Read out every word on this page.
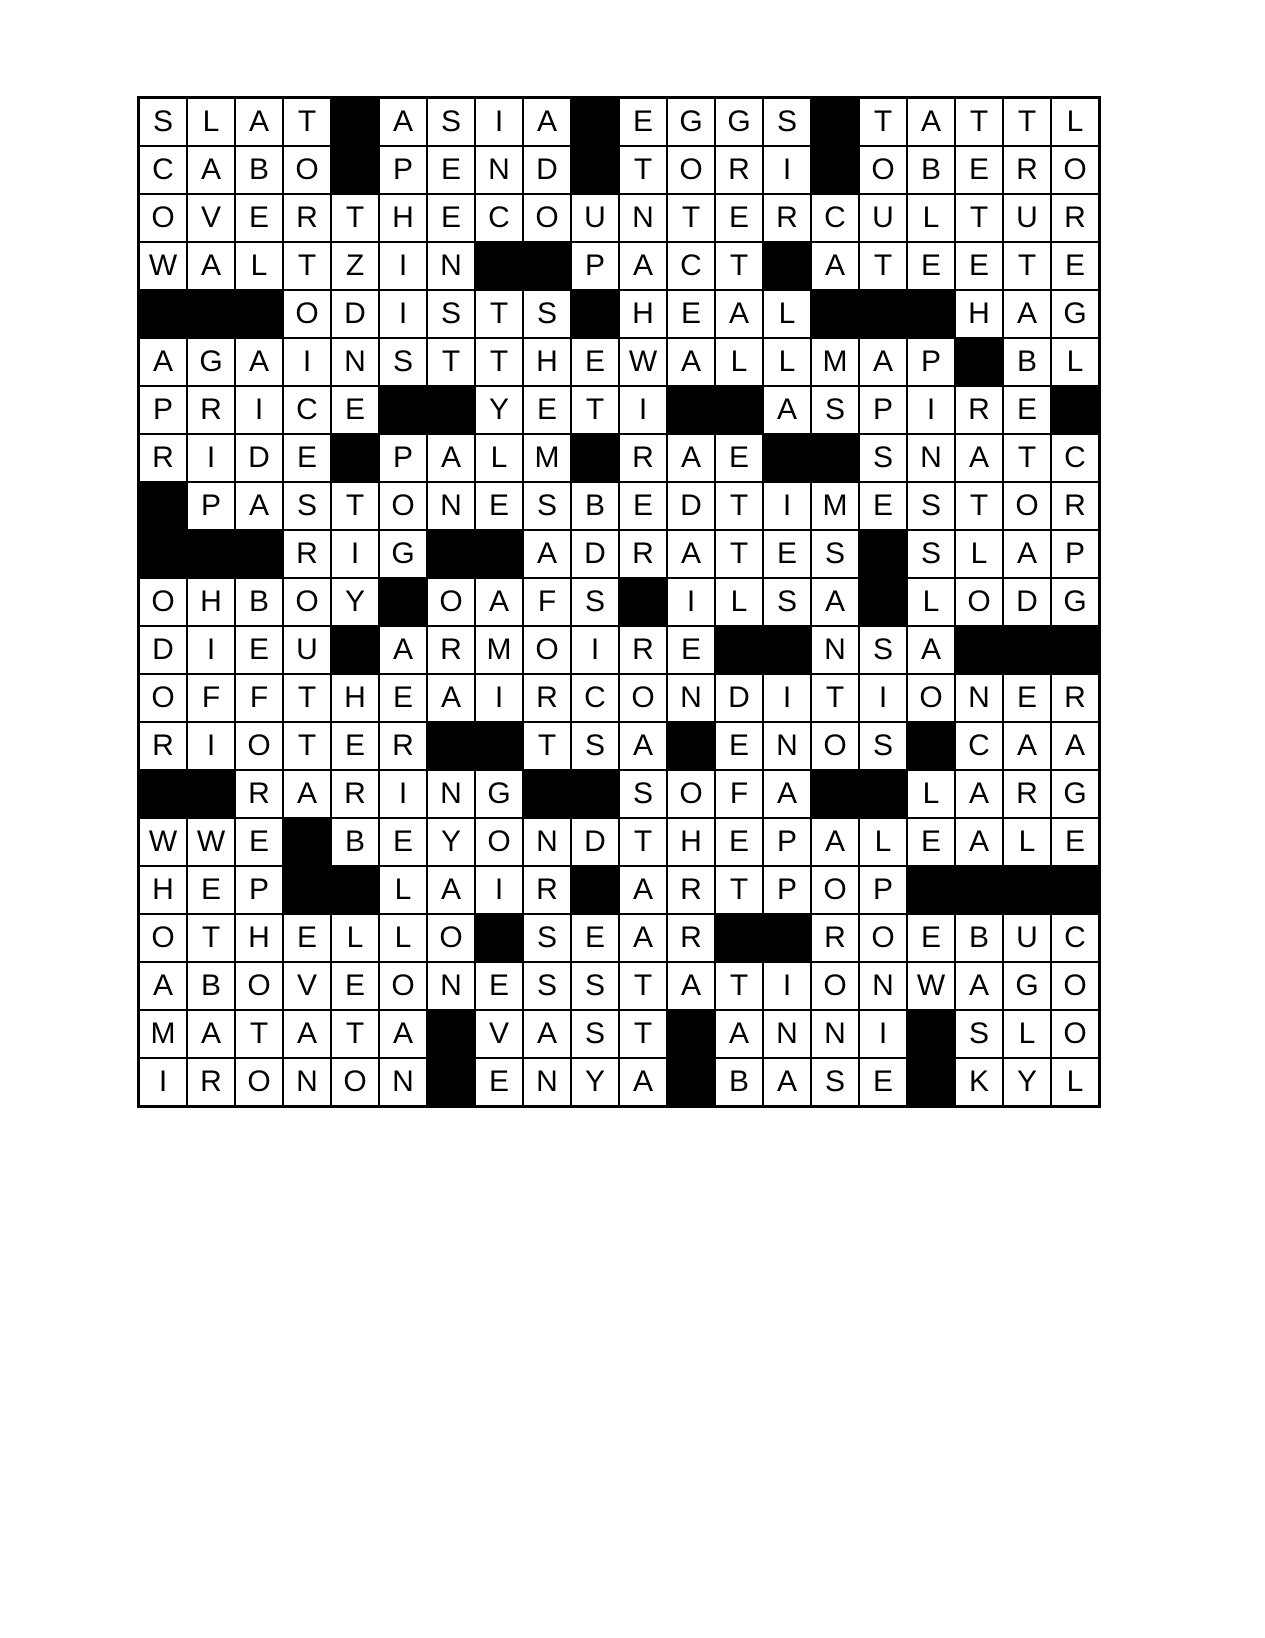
S	L	A	T		A	S	I	A		E	G	G	S		T	A	T	T	L
C	A	B	O		P	E	N	D		T	O	R	I		O	B	E	R	O
O	V	E	R	T	H	E	C	O	U	N	T	E	R	C	U	L	T	U	R
W	A	L	T	Z	I	N			P	A	C	T		A	T	E	E	T	E
			O	D	I	S	T	S		H	E	A	L				H	A	G
A	G	A	I	N	S	T	T	H	E	W	A	L	L	M	A	P		B	L
P	R	I	C	E			Y	E	T	I			A	S	P	I	R	E	
R	I	D	E		P	A	L	M		R	A	E			S	N	A	T	C
	P	A	S	T	O	N	E	S	B	E	D	T	I	M	E	S	T	O	R
			R	I	G			A	D	R	A	T	E	S		S	L	A	P
O	H	B	O	Y		O	A	F	S		I	L	S	A		L	O	D	G
D	I	E	U		A	R	M	O	I	R	E			N	S	A			
O	F	F	T	H	E	A	I	R	C	O	N	D	I	T	I	O	N	E	R
R	I	O	T	E	R			T	S	A		E	N	O	S		C	A	A
		R	A	R	I	N	G			S	O	F	A			L	A	R	G
W	W	E		B	E	Y	O	N	D	T	H	E	P	A	L	E	A	L	E
H	E	P			L	A	I	R		A	R	T	P	O	P				
O	T	H	E	L	L	O		S	E	A	R			R	O	E	B	U	C
A	B	O	V	E	O	N	E	S	S	T	A	T	I	O	N	W	A	G	O
M	A	T	A	T	A		V	A	S	T		A	N	N	I		S	L	O
I	R	O	N	O	N		E	N	Y	A		B	A	S	E		K	Y	L
